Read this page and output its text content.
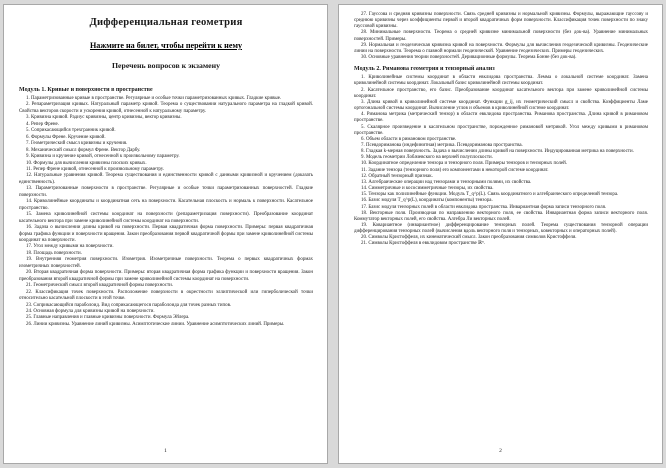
Дифференциальная геометрия
Нажмите на билет, чтобы перейти к нему
Перечень вопросов к экзамену
Модуль 1. Кривые и поверхности в пространстве

1. Параметризованные кривые в пространстве. Регулярные и особые точки параметризованных кривых. Гладкие кривые.

2. Репараметризация кривых. Натуральный параметр кривой. Теорема о существовании натурального параметра на гладкой кривой. Свойства векторов скорости и ускорения кривой, отнесенной к натуральному параметру.

3. Кривизна кривой. Радиус кривизны, центр кривизны, вектор кривизны.

4. Репер Френе.

5. Соприкасающийся трехгранник кривой.

6. Формулы Френе. Кручение кривой.

7. Геометрический смысл кривизны и кручения.

8. Механический смысл формул Френе. Вектор Дарбу.

9. Кривизна и кручение кривой, отнесенной к произвольному параметру.

10. Формулы для вычисления кривизны плоских кривых.

11. Репер Френе кривой, отнесенной к произвольному параметру.

12. Натуральные уравнения кривой. Теорема существования и единственности кривой с данными кривизной и кручением (доказать единственность).

13. Параметризованные поверхности в пространстве. Регулярные и особые точки параметризованных поверхностей. Гладкие поверхности.

14. Криволинейные координаты и координатная сеть на поверхности. Касательная плоскость и нормаль к поверхности. Касательное пространство.

15. Замена криволинейной системы координат на поверхности (репараметризация поверхности). Преобразование координат касательного вектора при замене криволинейной системы координат на поверхности.

16. Задача о вычислении длины кривой на поверхности. Первая квадратичная форма поверхности. Примеры: первая квадратичная форма графика функции и поверхности вращения. Закон преобразования первой квадратичной формы при замене криволинейной системы координат на поверхности.

17. Угол между кривыми на поверхности.

18. Площадь поверхности.

19. Внутренняя геометрия поверхности. Изометрия. Изометричные поверхности. Теорема о первых квадратичных формах изометричных поверхностей.

20. Вторая квадратичная форма поверхности. Примеры: вторая квадратичная форма графика функции и поверхности вращения. Закон преобразования второй квадратичной формы при замене криволинейной системы координат на поверхности.

21. Геометрический смысл второй квадратичной формы поверхности.

22. Классификация точек поверхности. Расположение поверхности в окрестности эллиптической или гиперболической точки относительно касательной плоскости в этой точке.

23. Соприкасающийся параболоид. Вид соприкасающегося параболоида для точек разных типов.

24. Основная формула для кривизны кривой на поверхности.

25. Главные направления и главные кривизны поверхности. Формула Эйлера.

26. Линии кривизны. Уравнение линий кривизны. Асимптотические линии. Уравнение асимптотических линий. Примеры.

1

27. Гауссова и средняя кривизны поверхности. Связь средней кривизны и нормальной кривизны. Формулы, выражающие гауссову и среднюю кривизны через коэффициенты первой и второй квадратичных форм поверхности. Классификация точек поверхности по знаку гауссовой кривизны.

28. Минимальные поверхности. Теорема о средней кривизне минимальной поверхности (без док-ва). Уравнение минимальных поверхностей. Примеры.

29. Нормальная и геодезическая кривизна кривой на поверхности. Формулы для вычисления геодезической кривизны. Геодезические линии на поверхности. Теорема о главной нормали геодезической. Уравнение геодезических. Примеры геодезических.

30. Основные уравнения теории поверхностей. Деривационные формулы. Теорема Бонне (без док-ва).

Модуль 2. Риманова геометрия и тензорный анализ

1. Криволинейные системы координат в области евклидова пространства. Лемма о локальной системе координат. Замена криволинейной системы координат. Локальный базис криволинейной системы координат.

2. Касательное пространство, его базис. Преобразование координат касательного вектора при замене криволинейной системы координат.

3. Длина кривой в криволинейной системе координат. Функции g_ij, их геометрический смысл и свойства. Коэффициенты Ламе ортогональной системы координат. Вычисление углов и объемов в криволинейной системе координат.

4. Риманова метрика (метрический тензор) в области евклидова пространства. Риманова пространства. Длина кривой в римановом пространстве.

5. Скалярное произведение в касательном пространстве, порожденное римановой метрикой. Угол между кривыми в римановом пространстве.

6. Объем области в римановом пространстве.

7. Псевдориманова (индефинитная) метрика. Псевдориманова пространства.

8. Гладкая k-мерная поверхность. Задача о вычислении длины кривой на поверхности. Индуцированная метрика на поверхности.

9. Модель геометрии Лобачевского на верхней полуплоскости.

10. Координатное определение тензора и тензорного поля. Примеры тензоров и тензорных полей.

11. Задание тензора (тензорного поля) его компонентами в некоторой системе координат.

12. Обратный тензорный признак.

13. Алгебраические операции над тензорами и тензорными полями, их свойства.

14. Симметричные и кососимметричные тензоры, их свойства.

15. Тензоры как полилинейные функции. Модуль T_q^p(L). Связь координатного и алгебраического определений тензора.

16. Базис модуля T_q^p(L), координаты (компоненты) тензора.

17. Базис модуля тензорных полей в области евклидова пространства. Инвариантная форма записи тензорного поля.

18. Векторные поля. Производная по направлению векторного поля, ее свойства. Инвариантная форма записи векторного поля. Коммутатор векторных полей, его свойства. Алгебра Ли векторных полей.

19. Ковариантное (инвариантное) дифференцирование тензорных полей. Теорема существования тензорной операции дифференцирования тензорных полей (вычисления вдоль векторного поля и тензорных, ковекторных и операторных полей).

20. Символы Кристоффеля, их кинематический смысл. Закон преобразования символов Кристоффеля.

21. Символы Кристоффеля в евклидовом пространстве ℝⁿ.

2
